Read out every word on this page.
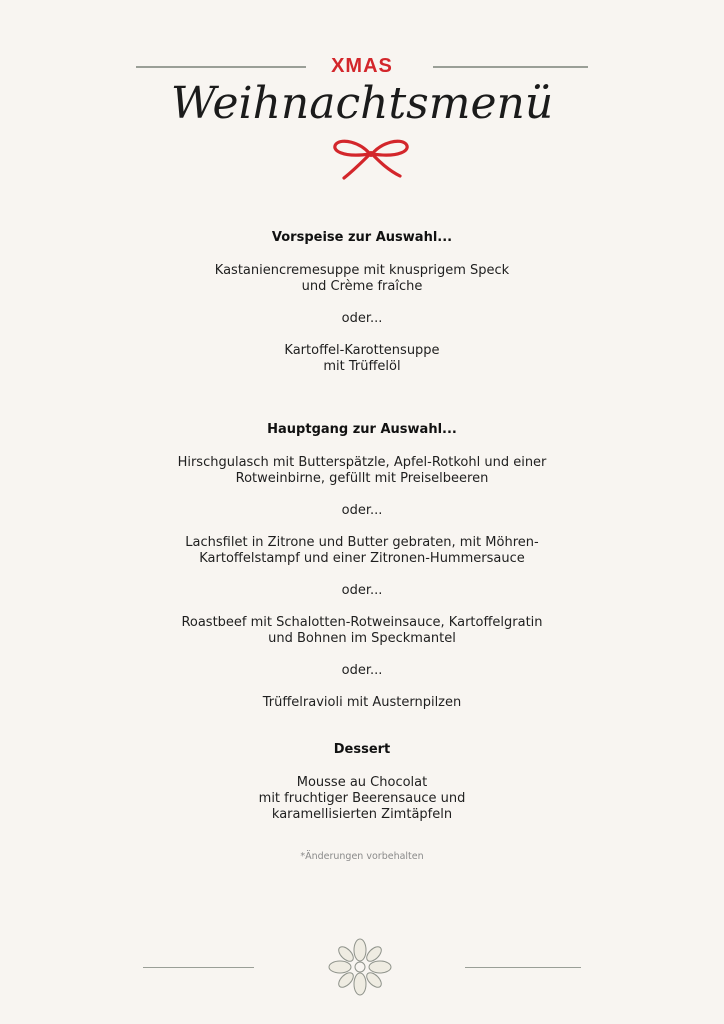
XMAS
Weihnachtsmenü

Vorspeise zur Auswahl...

Kastaniencremesuppe mit knusprigem Speck

und Crème fraîche

oder...

Kartoffel-Karottensuppe

mit Trüffelöl

Hauptgang zur Auswahl...

Hirschgulasch mit Butterspätzle, Apfel-Rotkohl und einer

Rotweinbirne, gefüllt mit Preiselbeeren

oder...

Lachsfilet in Zitrone und Butter gebraten, mit Möhren-

Kartoffelstampf und einer Zitronen-Hummersauce

oder...

Roastbeef mit Schalotten-Rotweinsauce, Kartoffelgratin

und Bohnen im Speckmantel

oder...

Trüffelravioli mit Austernpilzen

Dessert

Mousse au Chocolat

mit fruchtiger Beerensauce und

karamellisierten Zimtäpfeln

*Änderungen vorbehalten
